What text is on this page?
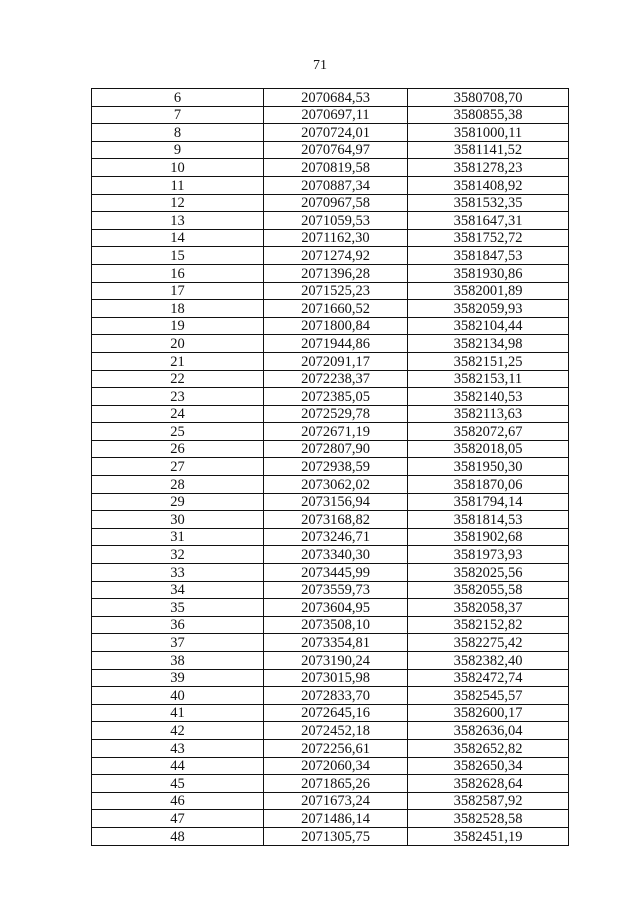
71
6	2070684,53	3580708,70
7	2070697,11	3580855,38
8	2070724,01	3581000,11
9	2070764,97	3581141,52
10	2070819,58	3581278,23
11	2070887,34	3581408,92
12	2070967,58	3581532,35
13	2071059,53	3581647,31
14	2071162,30	3581752,72
15	2071274,92	3581847,53
16	2071396,28	3581930,86
17	2071525,23	3582001,89
18	2071660,52	3582059,93
19	2071800,84	3582104,44
20	2071944,86	3582134,98
21	2072091,17	3582151,25
22	2072238,37	3582153,11
23	2072385,05	3582140,53
24	2072529,78	3582113,63
25	2072671,19	3582072,67
26	2072807,90	3582018,05
27	2072938,59	3581950,30
28	2073062,02	3581870,06
29	2073156,94	3581794,14
30	2073168,82	3581814,53
31	2073246,71	3581902,68
32	2073340,30	3581973,93
33	2073445,99	3582025,56
34	2073559,73	3582055,58
35	2073604,95	3582058,37
36	2073508,10	3582152,82
37	2073354,81	3582275,42
38	2073190,24	3582382,40
39	2073015,98	3582472,74
40	2072833,70	3582545,57
41	2072645,16	3582600,17
42	2072452,18	3582636,04
43	2072256,61	3582652,82
44	2072060,34	3582650,34
45	2071865,26	3582628,64
46	2071673,24	3582587,92
47	2071486,14	3582528,58
48	2071305,75	3582451,19
